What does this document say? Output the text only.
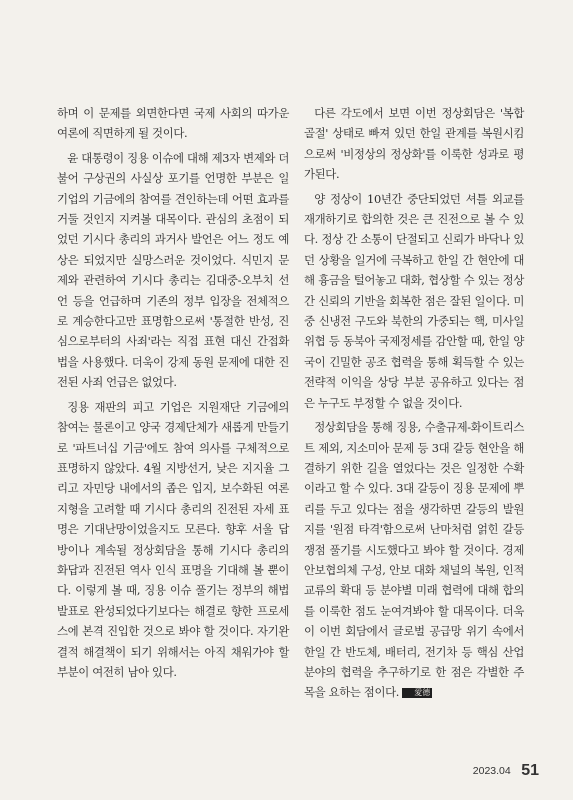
하며 이 문제를 외면한다면 국제 사회의 따가운 여론에 직면하게 될 것이다.

윤 대통령이 징용 이슈에 대해 제3자 변제와 더불어 구상권의 사실상 포기를 언명한 부분은 일 기업의 기금에의 참여를 견인하는데 어떤 효과를 거둘 것인지 지켜볼 대목이다. 관심의 초점이 되었던 기시다 총리의 과거사 발언은 어느 정도 예상은 되었지만 실망스러운 것이었다. 식민지 문제와 관련하여 기시다 총리는 김대중-오부치 선언 등을 언급하며 기존의 정부 입장을 전체적으로 계승한다고만 표명함으로써 '통절한 반성, 진심으로부터의 사죄'라는 직접 표현 대신 간접화법을 사용했다. 더욱이 강제 동원 문제에 대한 진전된 사죄 언급은 없었다.

징용 재판의 피고 기업은 지원재단 기금에의 참여는 물론이고 양국 경제단체가 새롭게 만들기로 '파트너십 기금'에도 참여 의사를 구체적으로 표명하지 않았다. 4월 지방선거, 낮은 지지율 그리고 자민당 내에서의 좁은 입지, 보수화된 여론 지형을 고려할 때 기시다 총리의 진전된 자세 표명은 기대난망이었을지도 모른다. 향후 서울 답방이나 계속될 정상회담을 통해 기시다 총리의 화답과 진전된 역사 인식 표명을 기대해 볼 뿐이다. 이렇게 볼 때, 징용 이슈 풀기는 정부의 해법 발표로 완성되었다기보다는 해결로 향한 프로세스에 본격 진입한 것으로 봐야 할 것이다. 자기완결적 해결책이 되기 위해서는 아직 채워가야 할 부분이 여전히 남아 있다.

다른 각도에서 보면 이번 정상회담은 '복합골절' 상태로 빠져 있던 한일 관계를 복원시킴으로써 '비정상의 정상화'를 이룩한 성과로 평가된다.

양 정상이 10년간 중단되었던 셔틀 외교를 재개하기로 합의한 것은 큰 진전으로 볼 수 있다. 정상 간 소통이 단절되고 신뢰가 바닥나 있던 상황을 일거에 극복하고 한일 간 현안에 대해 흉금을 털어놓고 대화, 협상할 수 있는 정상 간 신뢰의 기반을 회복한 점은 잘된 일이다. 미중 신냉전 구도와 북한의 가중되는 핵, 미사일 위협 등 동북아 국제정세를 감안할 때, 한일 양국이 긴밀한 공조 협력을 통해 획득할 수 있는 전략적 이익을 상당 부분 공유하고 있다는 점은 누구도 부정할 수 없을 것이다.

정상회담을 통해 징용, 수출규제-화이트리스트 제외, 지소미아 문제 등 3대 갈등 현안을 해결하기 위한 길을 열었다는 것은 일정한 수확이라고 할 수 있다. 3대 갈등이 징용 문제에 뿌리를 두고 있다는 점을 생각하면 갈등의 발원지를 '원점 타격'함으로써 난마처럼 얽힌 갈등 쟁점 풀기를 시도했다고 봐야 할 것이다. 경제안보협의체 구성, 안보 대화 채널의 복원, 인적교류의 확대 등 분야별 미래 협력에 대해 합의를 이룩한 점도 눈여겨봐야 할 대목이다. 더욱이 이번 회담에서 글로벌 공급망 위기 속에서 한일 간 반도체, 배터리, 전기차 등 핵심 산업 분야의 협력을 추구하기로 한 점은 각별한 주목을 요하는 점이다. 愛德

2023.04 51
